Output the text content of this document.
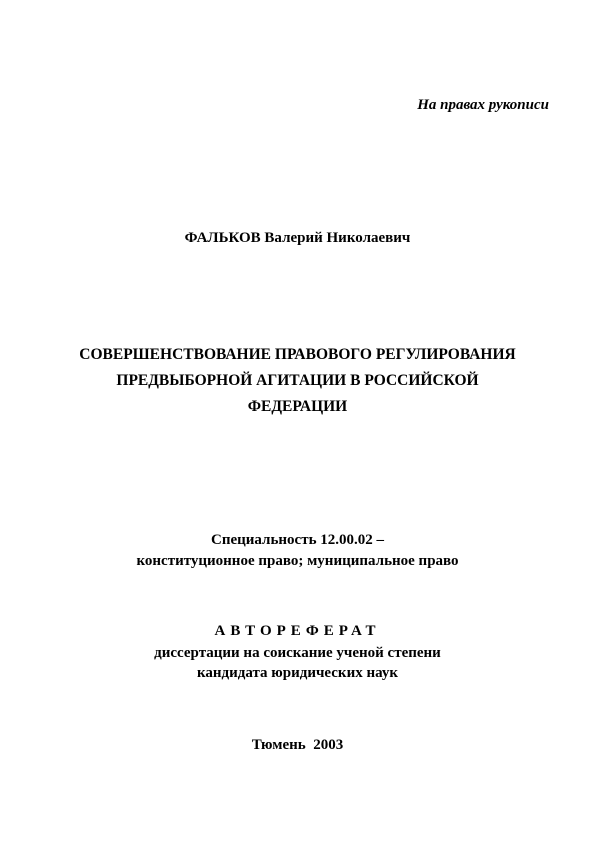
На правах рукописи

ФАЛЬКОВ Валерий Николаевич

СОВЕРШЕНСТВОВАНИЕ ПРАВОВОГО РЕГУЛИРОВАНИЯ
ПРЕДВЫБОРНОЙ АГИТАЦИИ В РОССИЙСКОЙ
ФЕДЕРАЦИИ

Специальность 12.00.02 –
конституционное право; муниципальное право

АВТОРЕФЕРАТ

диссертации на соискание ученой степени
кандидата юридических наук

Тюмень  2003
